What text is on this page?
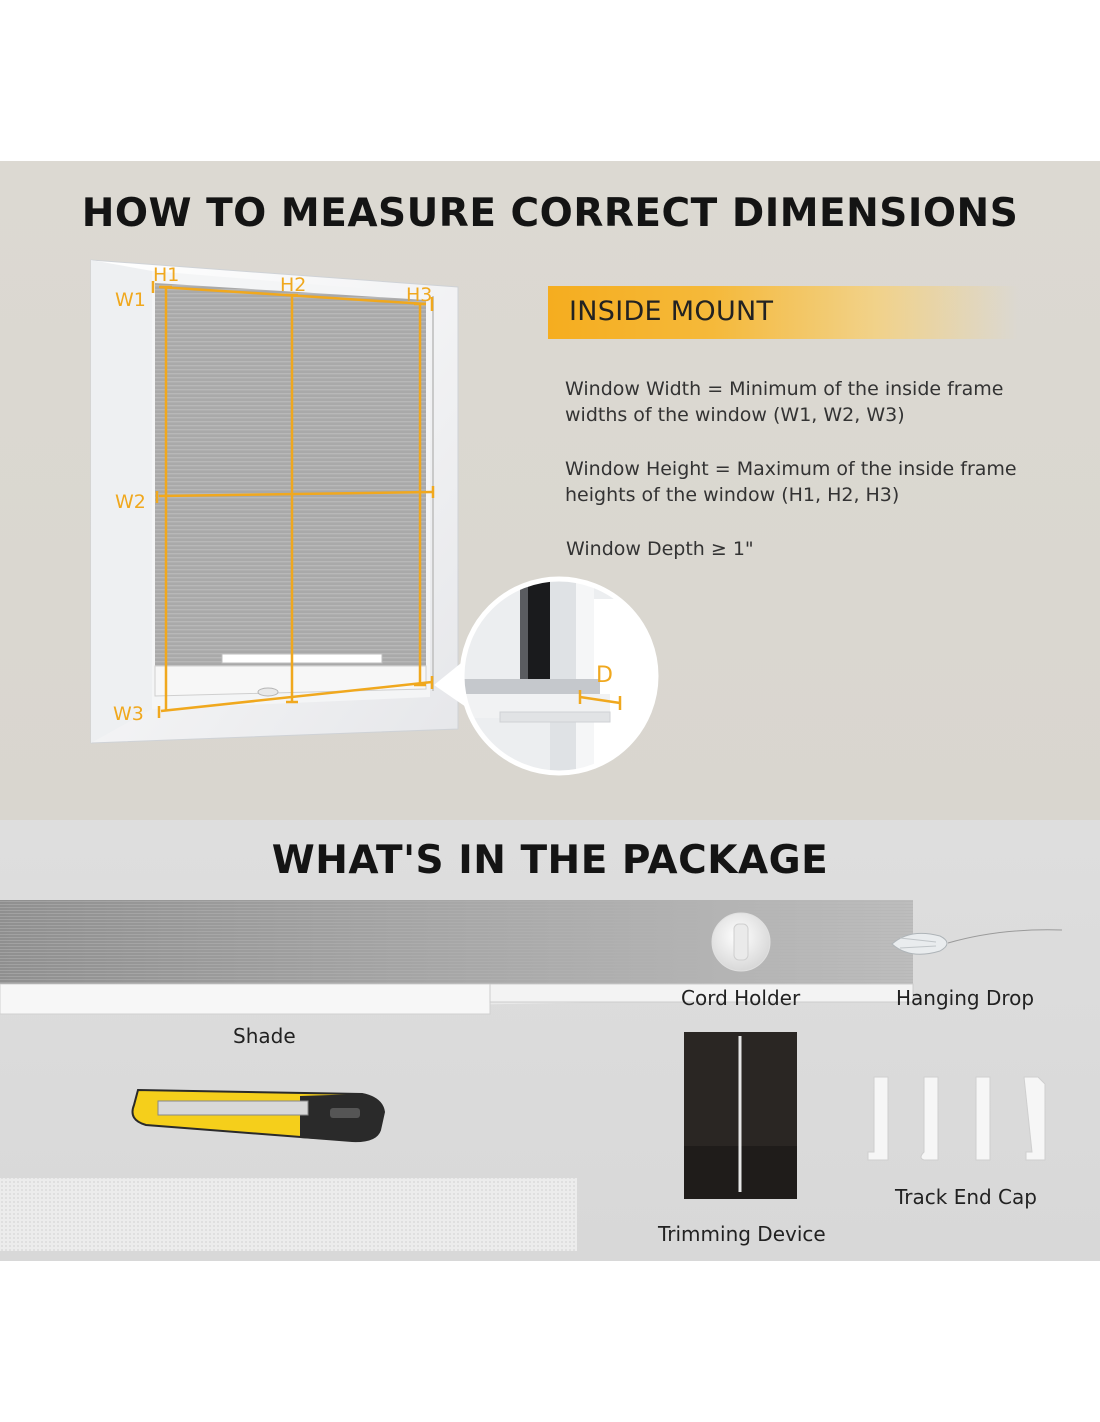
HOW TO MEASURE CORRECT DIMENSIONS
H1	H2	H3
W1
W2
W3
D
INSIDE MOUNT
Window Width = Minimum of the inside frame
widths of the window (W1, W2, W3)
Window Height = Maximum of the inside frame
heights of the window (H1, H2, H3)
Window Depth ≥ 1"
WHAT'S IN THE PACKAGE
Shade
Cord Holder	Hanging Drop
Trimming Device
Track End Cap
